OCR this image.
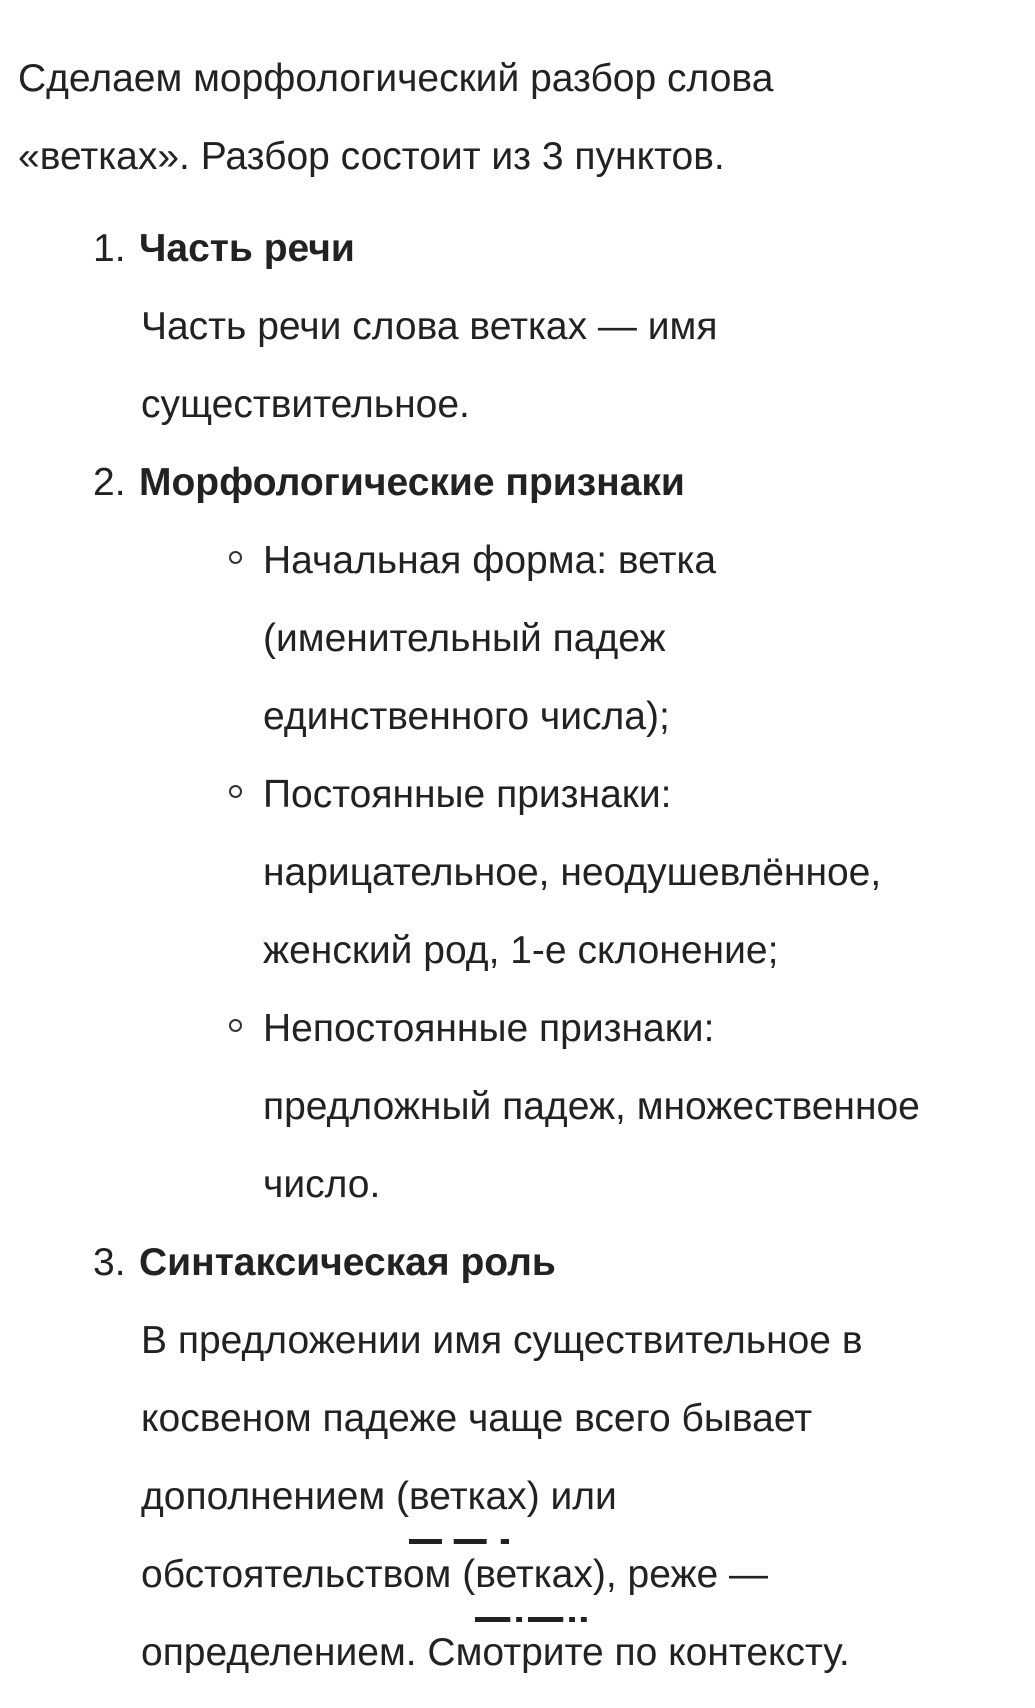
Сделаем морфологический разбор слова
«ветках». Разбор состоит из 3 пунктов.

1. Часть речи
Часть речи слова ветках — имя
существительное.
2. Морфологические признаки
Начальная форма: ветка
(именительный падеж
единственного числа);
Постоянные признаки:
нарицательное, неодушевлённое,
женский род, 1-е склонение;
Непостоянные признаки:
предложный падеж, множественное
число.
3. Синтаксическая роль
В предложении имя существительное в
косвеном падеже чаще всего бывает
дополнением (ветках
) или
обстоятельством (ветках
), реже —
определением. Смотрите по контексту.
